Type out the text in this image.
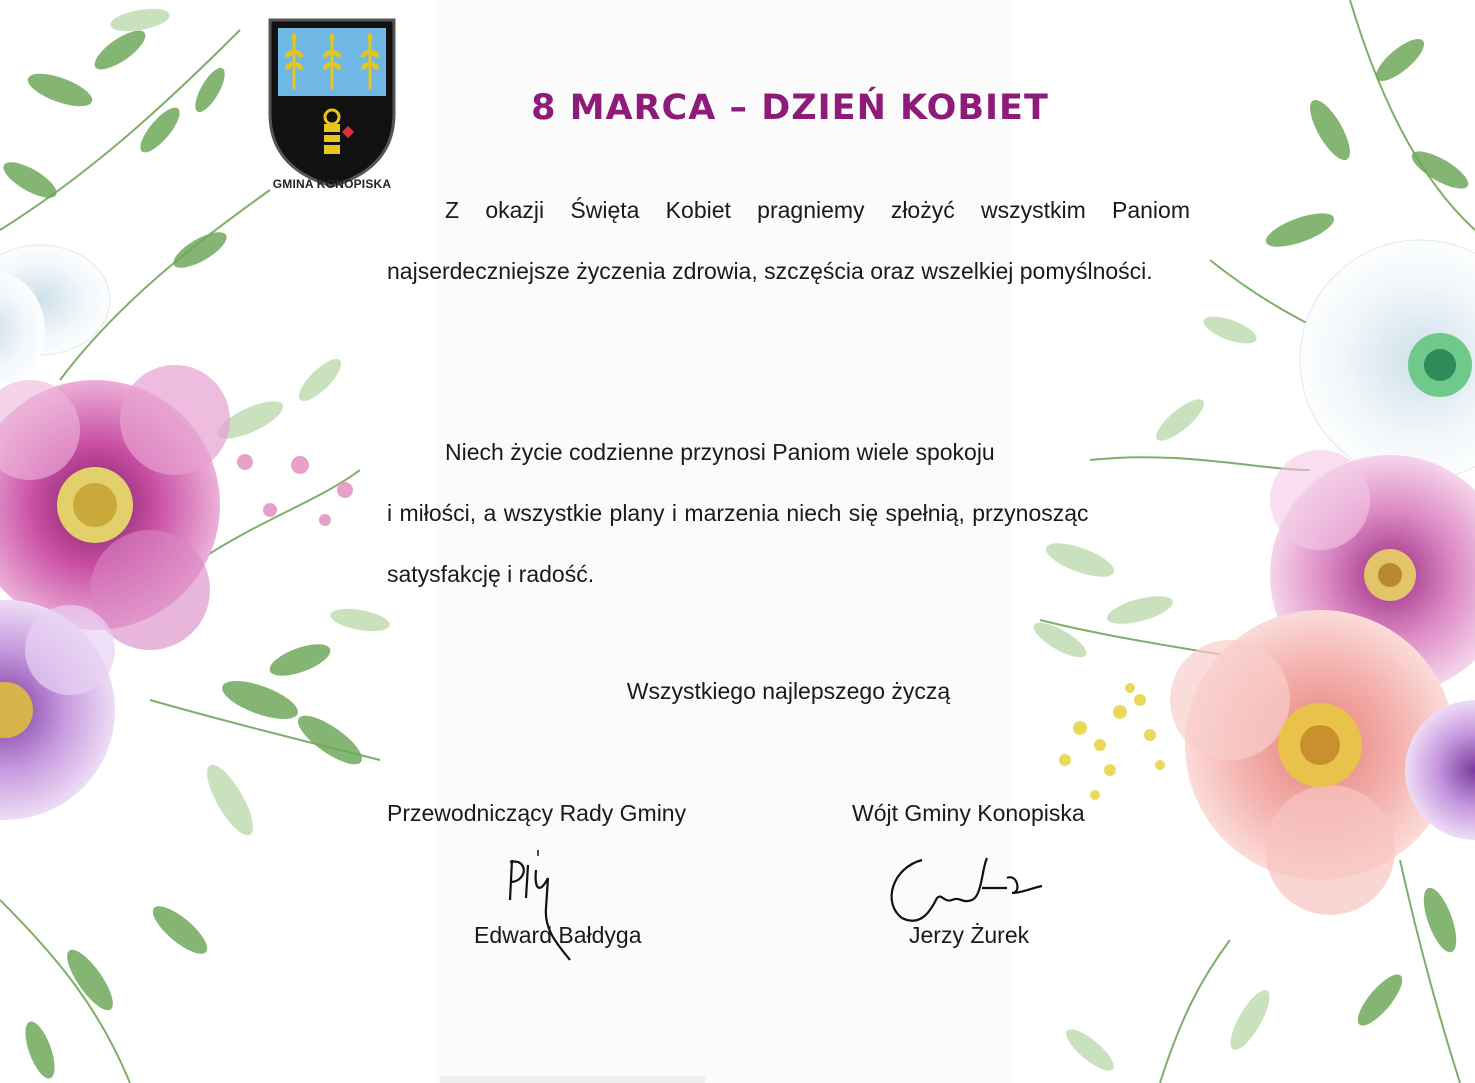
GMINA KONOPISKA
8 MARCA – DZIEŃ KOBIET
Z okazji Święta Kobiet pragniemy złożyć wszystkim Paniom najserdeczniejsze życzenia zdrowia, szczęścia oraz wszelkiej pomyślności.
Niech życie codzienne przynosi Paniom wiele spokoju
i miłości, a wszystkie plany i marzenia niech się spełnią, przynosząc
satysfakcję i radość.
Wszystkiego najlepszego życzą
Przewodniczący Rady Gminy	Wójt Gminy Konopiska
Edward Bałdyga	Jerzy Żurek
